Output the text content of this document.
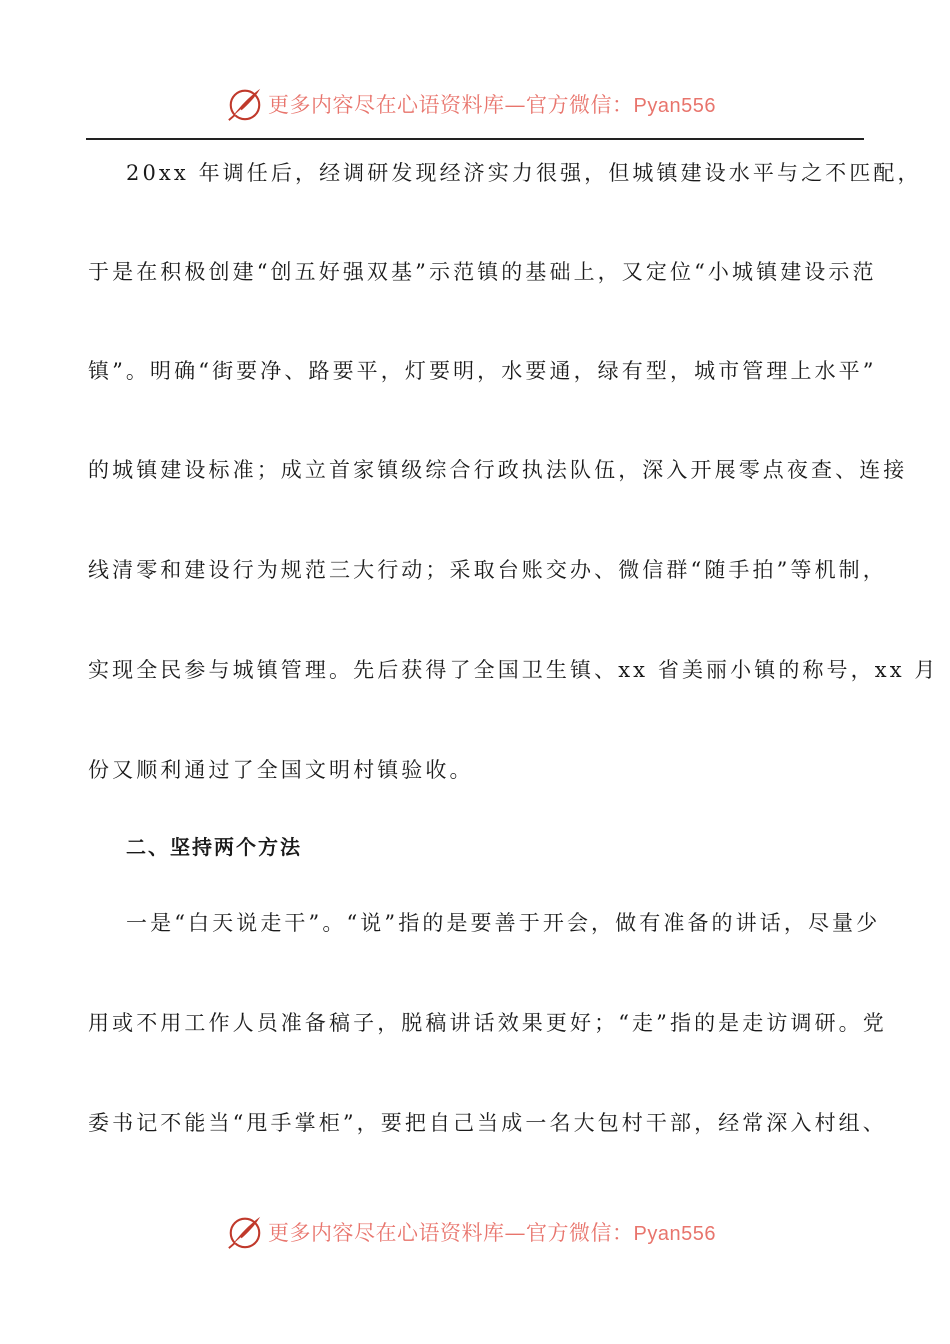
更多内容尽在心语资料库—官方微信：Pyan556
20xx 年调任后，经调研发现经济实力很强，但城镇建设水平与之不匹配，
于是在积极创建“创五好强双基”示范镇的基础上，又定位“小城镇建设示范
镇”。明确“街要净、路要平，灯要明，水要通，绿有型，城市管理上水平”
的城镇建设标准；成立首家镇级综合行政执法队伍，深入开展零点夜查、连接
线清零和建设行为规范三大行动；采取台账交办、微信群“随手拍”等机制，
实现全民参与城镇管理。先后获得了全国卫生镇、xx 省美丽小镇的称号，xx 月
份又顺利通过了全国文明村镇验收。
二、坚持两个方法
一是“白天说走干”。“说”指的是要善于开会，做有准备的讲话，尽量少
用或不用工作人员准备稿子，脱稿讲话效果更好；“走”指的是走访调研。党
委书记不能当“甩手掌柜”，要把自己当成一名大包村干部，经常深入村组、
更多内容尽在心语资料库—官方微信：Pyan556
